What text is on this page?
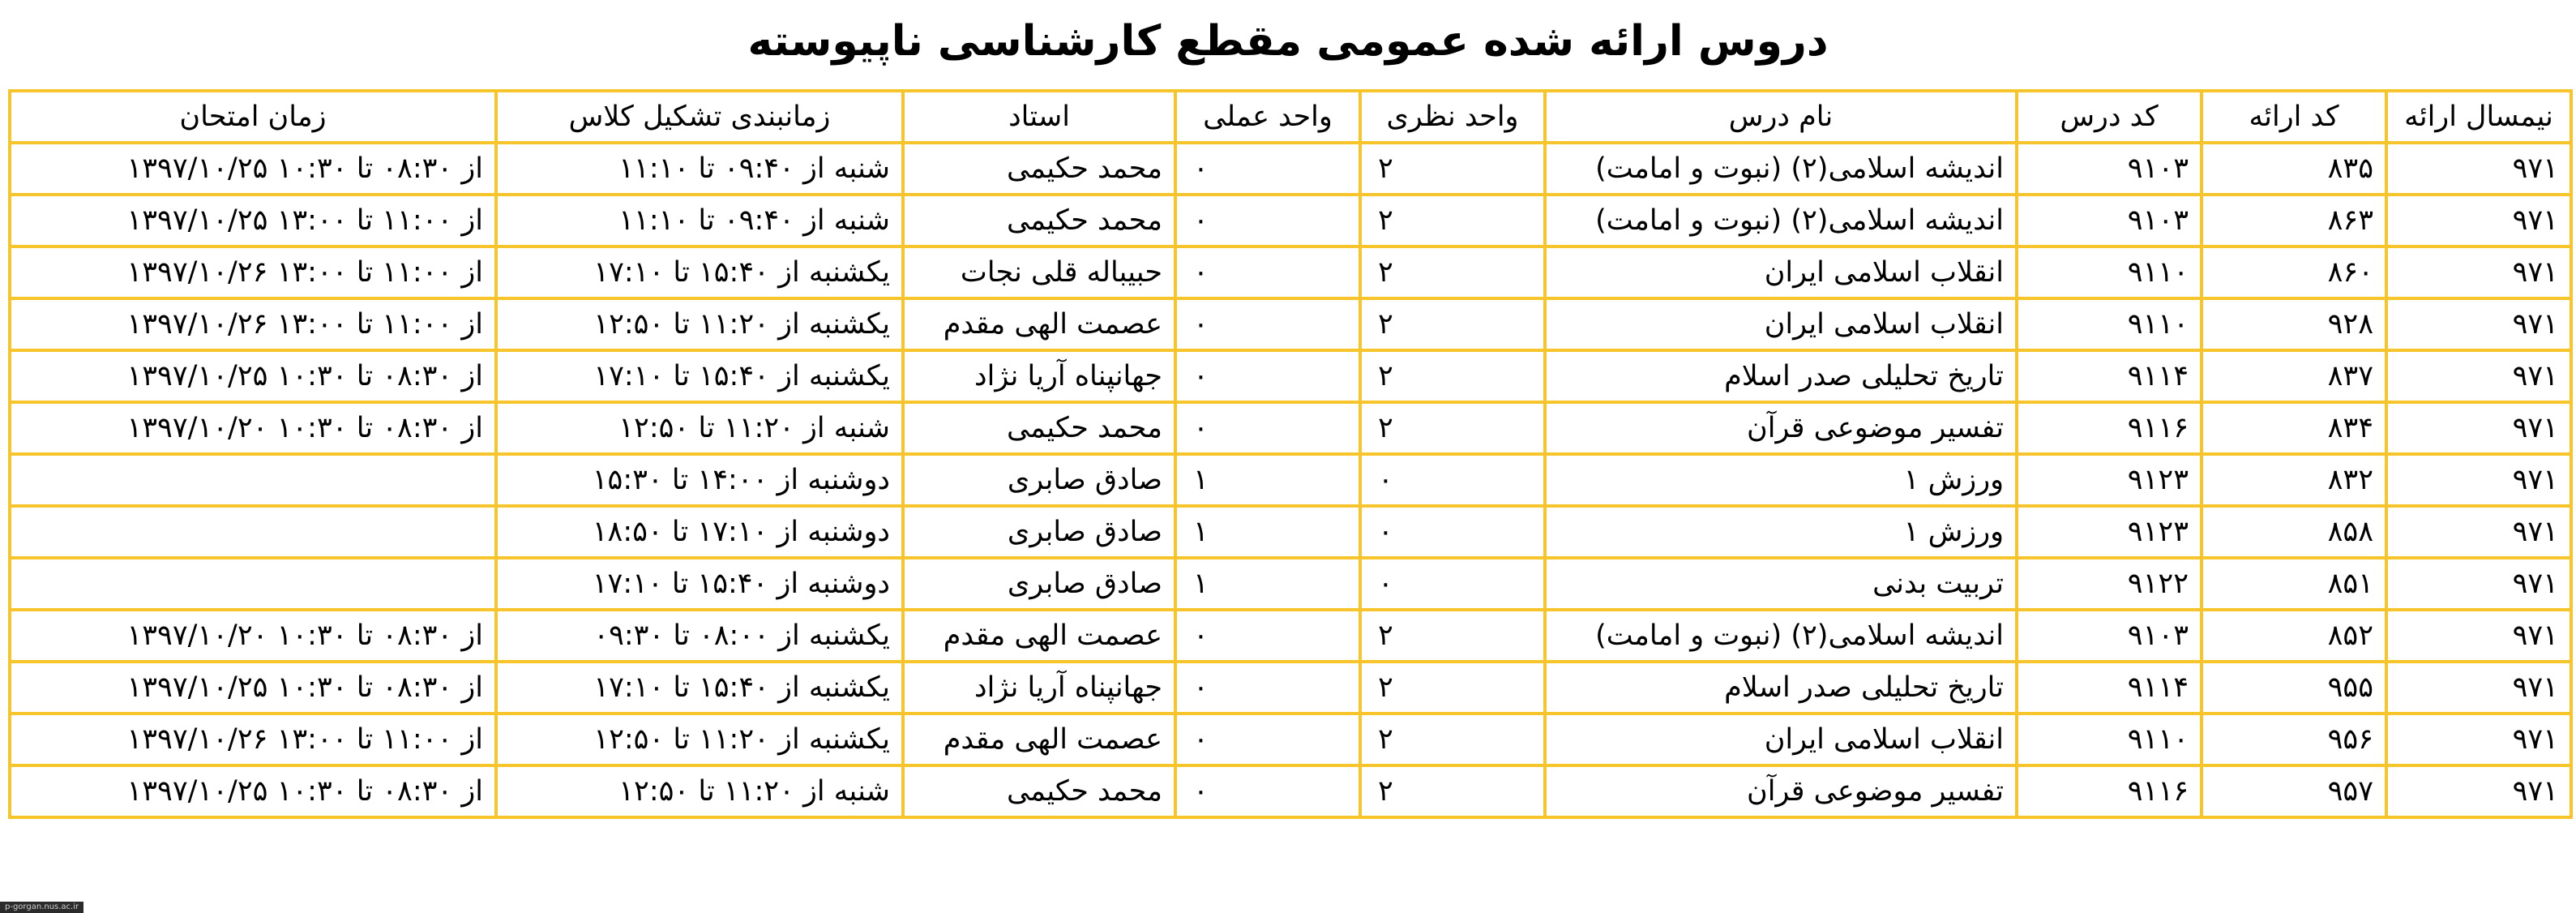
دروس ارائه شده عمومی مقطع کارشناسی ناپیوسته
نیمسال ارائه	کد ارائه	کد درس	نام درس	واحد نظری	واحد عملی	استاد	زمانبندی تشکیل کلاس	زمان امتحان
۹۷۱	۸۳۵	۹۱۰۳	اندیشه اسلامی(۲) (نبوت و امامت)	۲	۰	محمد حکیمی	شنبه از ۰۹:۴۰ تا ۱۱:۱۰	از ۰۸:۳۰ تا ۱۰:۳۰ ۱۳۹۷/۱۰/۲۵
۹۷۱	۸۶۳	۹۱۰۳	اندیشه اسلامی(۲) (نبوت و امامت)	۲	۰	محمد حکیمی	شنبه از ۰۹:۴۰ تا ۱۱:۱۰	از ۱۱:۰۰ تا ۱۳:۰۰ ۱۳۹۷/۱۰/۲۵
۹۷۱	۸۶۰	۹۱۱۰	انقلاب اسلامی ایران	۲	۰	حبیباله قلی نجات	یکشنبه از ۱۵:۴۰ تا ۱۷:۱۰	از ۱۱:۰۰ تا ۱۳:۰۰ ۱۳۹۷/۱۰/۲۶
۹۷۱	۹۲۸	۹۱۱۰	انقلاب اسلامی ایران	۲	۰	عصمت الهی مقدم	یکشنبه از ۱۱:۲۰ تا ۱۲:۵۰	از ۱۱:۰۰ تا ۱۳:۰۰ ۱۳۹۷/۱۰/۲۶
۹۷۱	۸۳۷	۹۱۱۴	تاریخ تحلیلی صدر اسلام	۲	۰	جهانپناه آریا نژاد	یکشنبه از ۱۵:۴۰ تا ۱۷:۱۰	از ۰۸:۳۰ تا ۱۰:۳۰ ۱۳۹۷/۱۰/۲۵
۹۷۱	۸۳۴	۹۱۱۶	تفسیر موضوعی قرآن	۲	۰	محمد حکیمی	شنبه از ۱۱:۲۰ تا ۱۲:۵۰	از ۰۸:۳۰ تا ۱۰:۳۰ ۱۳۹۷/۱۰/۲۰
۹۷۱	۸۳۲	۹۱۲۳	ورزش ۱	۰	۱	صادق صابری	دوشنبه از ۱۴:۰۰ تا ۱۵:۳۰	
۹۷۱	۸۵۸	۹۱۲۳	ورزش ۱	۰	۱	صادق صابری	دوشنبه از ۱۷:۱۰ تا ۱۸:۵۰	
۹۷۱	۸۵۱	۹۱۲۲	تربیت بدنی	۰	۱	صادق صابری	دوشنبه از ۱۵:۴۰ تا ۱۷:۱۰	
۹۷۱	۸۵۲	۹۱۰۳	اندیشه اسلامی(۲) (نبوت و امامت)	۲	۰	عصمت الهی مقدم	یکشنبه از ۰۸:۰۰ تا ۰۹:۳۰	از ۰۸:۳۰ تا ۱۰:۳۰ ۱۳۹۷/۱۰/۲۰
۹۷۱	۹۵۵	۹۱۱۴	تاریخ تحلیلی صدر اسلام	۲	۰	جهانپناه آریا نژاد	یکشنبه از ۱۵:۴۰ تا ۱۷:۱۰	از ۰۸:۳۰ تا ۱۰:۳۰ ۱۳۹۷/۱۰/۲۵
۹۷۱	۹۵۶	۹۱۱۰	انقلاب اسلامی ایران	۲	۰	عصمت الهی مقدم	یکشنبه از ۱۱:۲۰ تا ۱۲:۵۰	از ۱۱:۰۰ تا ۱۳:۰۰ ۱۳۹۷/۱۰/۲۶
۹۷۱	۹۵۷	۹۱۱۶	تفسیر موضوعی قرآن	۲	۰	محمد حکیمی	شنبه از ۱۱:۲۰ تا ۱۲:۵۰	از ۰۸:۳۰ تا ۱۰:۳۰ ۱۳۹۷/۱۰/۲۵
p-gorgan.nus.ac.ir
